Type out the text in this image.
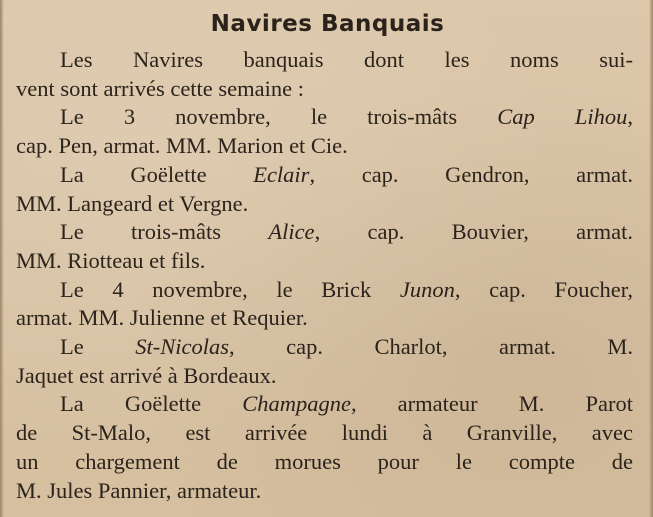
Navires Banquais
Les Navires banquais dont les noms sui-
vent sont arrivés cette semaine :
Le 3 novembre, le trois-mâts Cap Lihou,
cap. Pen, armat. MM. Marion et Cie.
La Goëlette Eclair, cap. Gendron, armat.
MM. Langeard et Vergne.
Le trois-mâts Alice, cap. Bouvier, armat.
MM. Riotteau et fils.
Le 4 novembre, le Brick Junon, cap. Foucher,
armat. MM. Julienne et Requier.
Le St-Nicolas, cap. Charlot, armat. M.
Jaquet est arrivé à Bordeaux.
La Goëlette Champagne, armateur M. Parot
de St-Malo, est arrivée lundi à Granville, avec
un chargement de morues pour le compte de
M. Jules Pannier, armateur.
